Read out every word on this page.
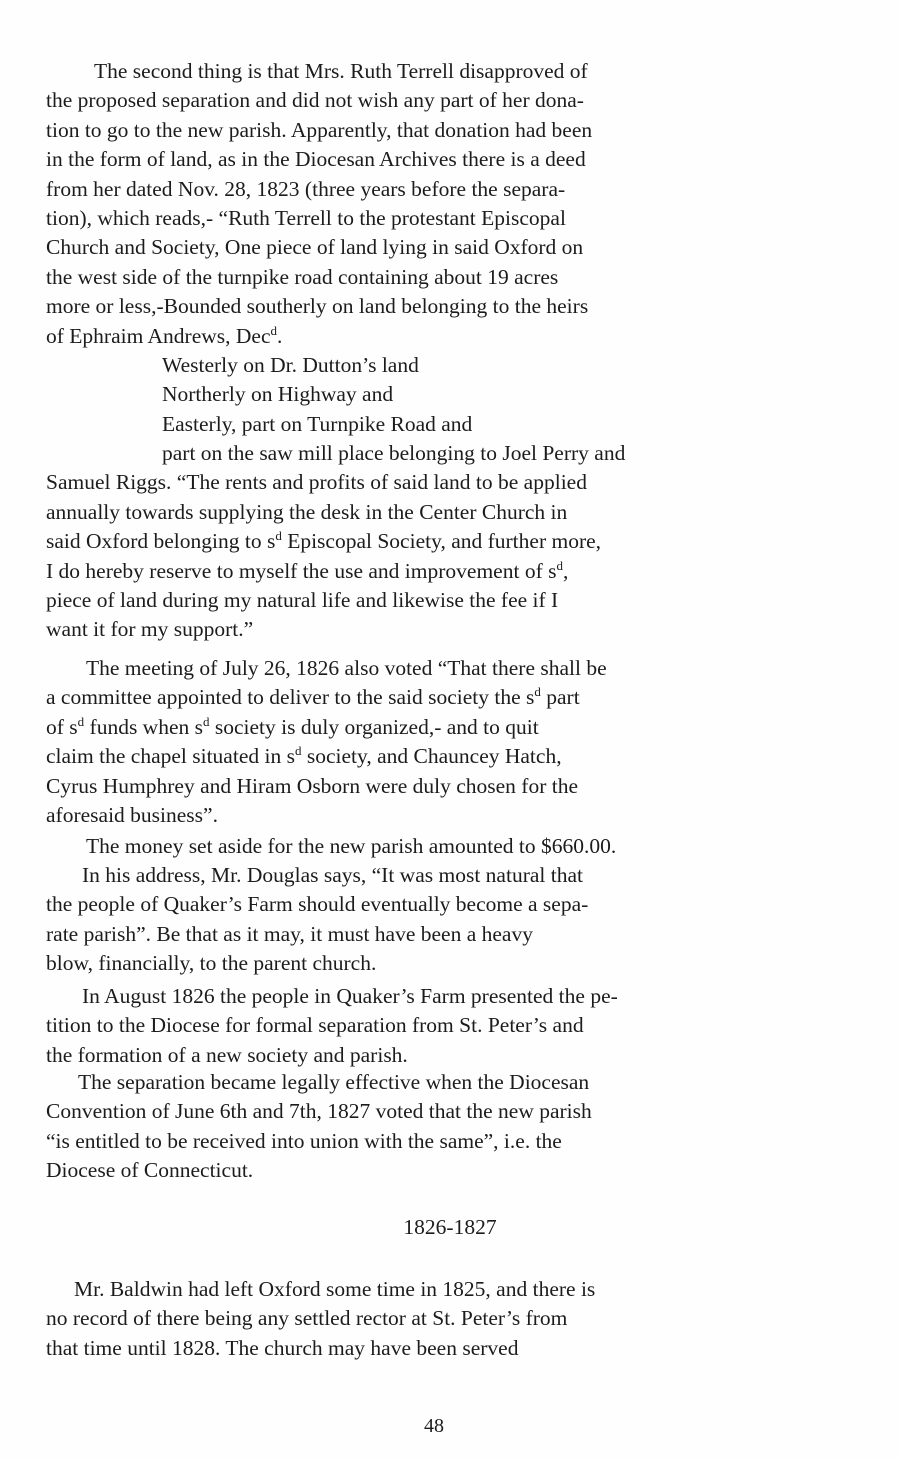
The second thing is that Mrs. Ruth Terrell disapproved of
the proposed separation and did not wish any part of her dona-
tion to go to the new parish. Apparently, that donation had been
in the form of land, as in the Diocesan Archives there is a deed
from her dated Nov. 28, 1823 (three years before the separa-
tion), which reads,- “Ruth Terrell to the protestant Episcopal
Church and Society, One piece of land lying in said Oxford on
the west side of the turnpike road containing about 19 acres
more or less,-Bounded southerly on land belonging to the heirs
of Ephraim Andrews, Dec$^d$.
Westerly on Dr. Dutton’s land
Northerly on Highway and
Easterly, part on Turnpike Road and
part on the saw mill place belonging to Joel Perry and
Samuel Riggs. “The rents and profits of said land to be applied
annually towards supplying the desk in the Center Church in
said Oxford belonging to $s^d$ Episcopal Society, and further more,
I do hereby reserve to myself the use and improvement of $s^d$,
piece of land during my natural life and likewise the fee if I
want it for my support.”
The meeting of July 26, 1826 also voted “That there shall be
a committee appointed to deliver to the said society the $s^d$ part
of $s^d$ funds when $s^d$ society is duly organized,- and to quit
claim the chapel situated in $s^d$ society, and Chauncey Hatch,
Cyrus Humphrey and Hiram Osborn were duly chosen for the
aforesaid business”.
The money set aside for the new parish amounted to $660.00.
In his address, Mr. Douglas says, “It was most natural that
the people of Quaker’s Farm should eventually become a sepa-
rate parish”. Be that as it may, it must have been a heavy
blow, financially, to the parent church.
In August 1826 the people in Quaker’s Farm presented the pe-
tition to the Diocese for formal separation from St. Peter’s and
the formation of a new society and parish.
The separation became legally effective when the Diocesan
Convention of June 6th and 7th, 1827 voted that the new parish
“is entitled to be received into union with the same”, i.e. the
Diocese of Connecticut.
1826-1827
Mr. Baldwin had left Oxford some time in 1825, and there is
no record of there being any settled rector at St. Peter’s from
that time until 1828. The church may have been served
48
